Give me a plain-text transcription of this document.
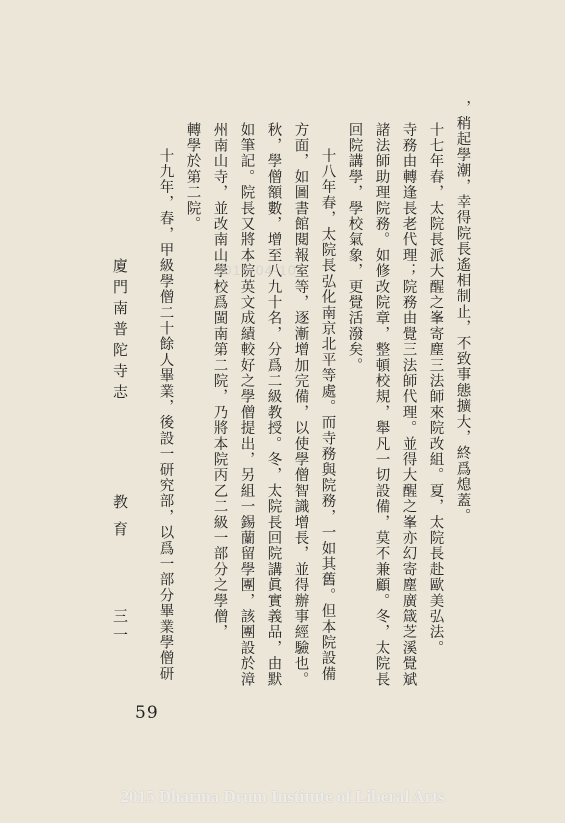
，稍起學潮，幸得院長遙相制止，不致事態擴大，終爲熄蓋。
十七年春，太院長派大醒之峯寄塵三法師來院改組。夏，太院長赴歐美弘法。
寺務由轉逢長老代理；院務由覺三法師代理。並得大醒之峯亦幻寄塵廣箴芝溪覺斌
諸法師助理院務。如修改院章，整頓校規，舉凡一切設備，莫不兼顧。冬，太院長
回院講學，學校氣象，更覺活潑矣。
十八年春，太院長弘化南京北平等處。而寺務與院務，一如其舊。但本院設備
方面，如圖書館閱報室等，逐漸增加完備，以使學僧智識增長，並得辦事經驗也。
秋，學僧額數，增至八九十名，分爲二級教授。冬，太院長回院講眞實義品，由默
如筆記。院長又將本院英文成績較好之學僧提出，另組一錫蘭留學團，該團設於漳
州南山寺，並改南山學校爲閩南第二院，乃將本院丙乙二級一部分之學僧，
轉學於第二院。
十九年，春，甲級學僧二十餘人畢業，後設一研究部，以爲一部分畢業學僧研
廈門南普陀寺志
教育
三一
59
2015-04-10
2015 Dharma Drum Institute of Liberal Arts
